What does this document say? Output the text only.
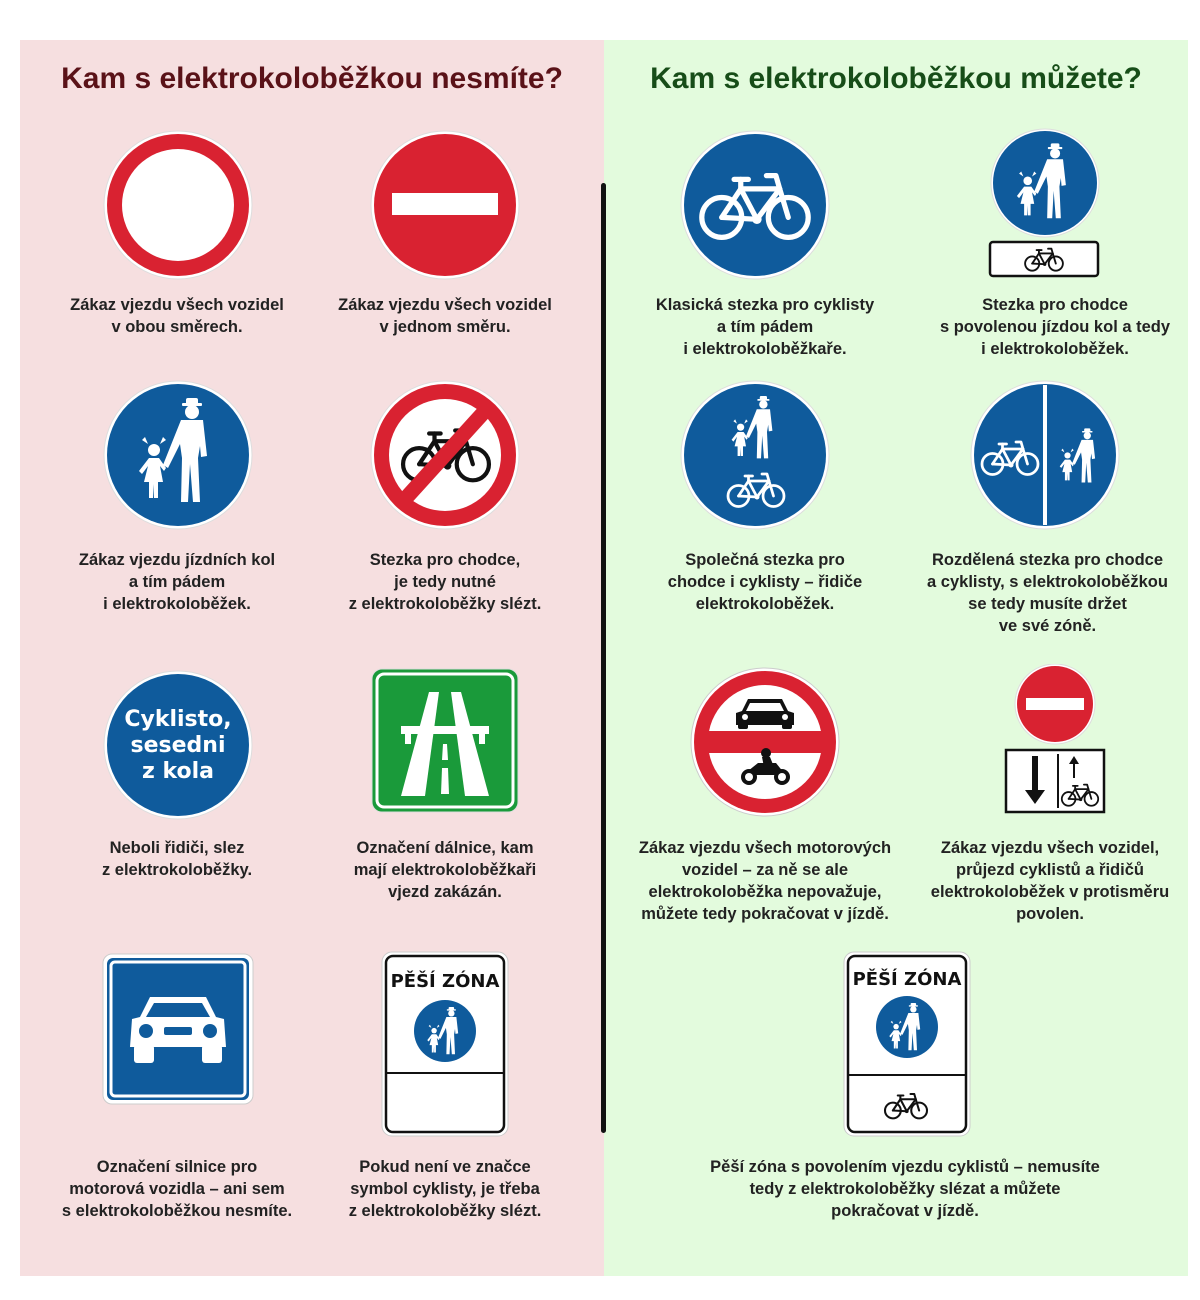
Kam s elektrokoloběžkou nesmíte?	Kam s elektrokoloběžkou můžete?
Zákaz vjezdu všech vozidel
v obou směrech.
Zákaz vjezdu všech vozidel
v jednom směru.
Klasická stezka pro cyklisty
a tím pádem
i elektrokoloběžkaře.
Stezka pro chodce
s povolenou jízdou kol a tedy
i elektrokoloběžek.
Zákaz vjezdu jízdních kol
a tím pádem
i elektrokoloběžek.
Stezka pro chodce,
je tedy nutné
z elektrokoloběžky slézt.
Společná stezka pro
chodce i cyklisty – řidiče
elektrokoloběžek.
Rozdělená stezka pro chodce
a cyklisty, s elektrokoloběžkou
se tedy musíte držet
ve své zóně.
Cyklisto,
sesedni
z kola
Neboli řidiči, slez
z elektrokoloběžky.
Označení dálnice, kam
mají elektrokoloběžkaři
vjezd zakázán.
Zákaz vjezdu všech motorových
vozidel – za ně se ale
elektrokoloběžka nepovažuje,
můžete tedy pokračovat v jízdě.
Zákaz vjezdu všech vozidel,
průjezd cyklistů a řidičů
elektrokoloběžek v protisměru
povolen.
Označení silnice pro
motorová vozidla – ani sem
s elektrokoloběžkou nesmíte.
PĚŠÍ ZÓNA
Pokud není ve značce
symbol cyklisty, je třeba
z elektrokoloběžky slézt.
PĚŠÍ ZÓNA
Pěší zóna s povolením vjezdu cyklistů – nemusíte
tedy z elektrokoloběžky slézat a můžete
pokračovat v jízdě.
